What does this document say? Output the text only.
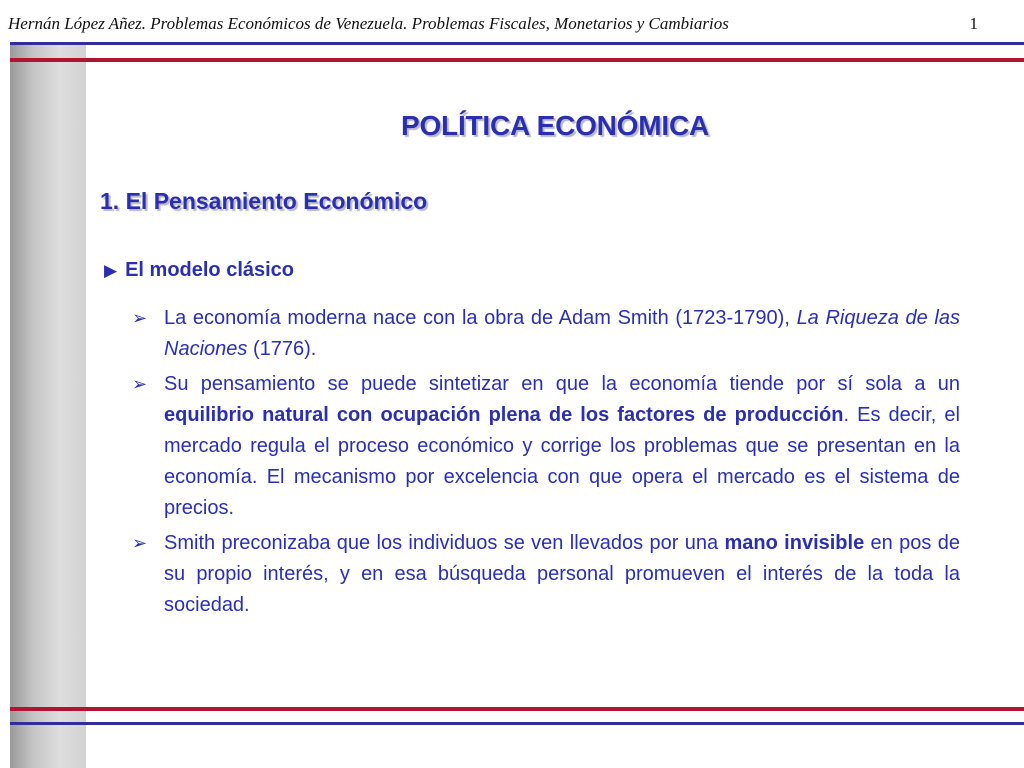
Hernán López Añez. Problemas Económicos de Venezuela. Problemas Fiscales, Monetarios y Cambiarios	1
POLÍTICA ECONÓMICA
1. El Pensamiento Económico
▶ El modelo clásico
➢ La economía moderna nace con la obra de Adam Smith (1723-1790), La Riqueza de las Naciones (1776).
➢ Su pensamiento se puede sintetizar en que la economía tiende por sí sola a un equilibrio natural con ocupación plena de los factores de producción. Es decir, el mercado regula el proceso económico y corrige los problemas que se presentan en la economía. El mecanismo por excelencia con que opera el mercado es el sistema de precios.
➢ Smith preconizaba que los individuos se ven llevados por una mano invisible en pos de su propio interés, y en esa búsqueda personal promueven el interés de la toda la sociedad.
